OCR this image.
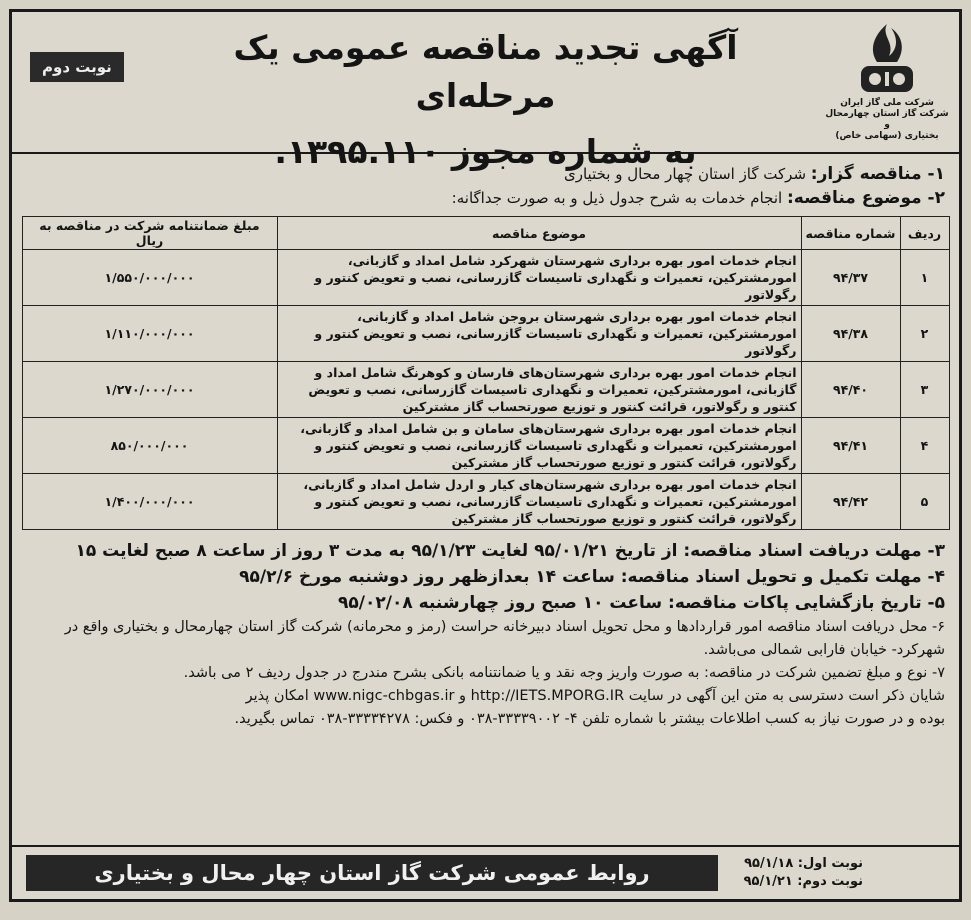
شرکت ملی گاز ایران
شرکت گاز استان چهارمحال و
بختیاری (سهامی خاص)
آگهی تجدید مناقصه عمومی یک مرحله‌ای
به شماره مجوز ۱۳۹۵.۱۱۰.
نوبت دوم
۱- مناقصه گزار: شرکت گاز استان چهار محال و بختیاری
۲- موضوع مناقصه: انجام خدمات به شرح جدول ذیل و به صورت جداگانه:
ردیف	شماره مناقصه	موضوع مناقصه	مبلغ ضمانتنامه شرکت در مناقصه به ریال
۱	۹۴/۳۷	انجام خدمات امور بهره برداری شهرستان شهرکرد شامل امداد و گازبانی، امورمشترکین، تعمیرات و نگهداری تاسیسات گازرسانی، نصب و تعویض کنتور و رگولاتور	۱/۵۵۰/۰۰۰/۰۰۰
۲	۹۴/۳۸	انجام خدمات امور بهره برداری شهرستان بروجن شامل امداد و گازبانی، امورمشترکین، تعمیرات و نگهداری تاسیسات گازرسانی، نصب و تعویض کنتور و رگولاتور	۱/۱۱۰/۰۰۰/۰۰۰
۳	۹۴/۴۰	انجام خدمات امور بهره برداری شهرستان‌های فارسان و کوهرنگ شامل امداد و گازبانی، امورمشترکین، تعمیرات و نگهداری تاسیسات گازرسانی، نصب و تعویض کنتور و رگولاتور، قرائت کنتور و توزیع صورتحساب گاز مشترکین	۱/۲۷۰/۰۰۰/۰۰۰
۴	۹۴/۴۱	انجام خدمات امور بهره برداری شهرستان‌های سامان و بن شامل امداد و گازبانی، امورمشترکین، تعمیرات و نگهداری تاسیسات گازرسانی، نصب و تعویض کنتور و رگولاتور، قرائت کنتور و توزیع صورتحساب گاز مشترکین	۸۵۰/۰۰۰/۰۰۰
۵	۹۴/۴۲	انجام خدمات امور بهره برداری شهرستان‌های کیار و اردل شامل امداد و گازبانی، امورمشترکین، تعمیرات و نگهداری تاسیسات گازرسانی، نصب و تعویض کنتور و رگولاتور، قرائت کنتور و توزیع صورتحساب گاز مشترکین	۱/۴۰۰/۰۰۰/۰۰۰
۳- مهلت دریافت اسناد مناقصه: از تاریخ ۹۵/۰۱/۲۱ لغایت ۹۵/۱/۲۳ به مدت ۳ روز از ساعت ۸ صبح لغایت ۱۵
۴- مهلت تکمیل و تحویل اسناد مناقصه: ساعت ۱۴ بعدازظهر روز دوشنبه مورخ ۹۵/۲/۶
۵- تاریخ بازگشایی پاکات مناقصه: ساعت ۱۰ صبح روز چهارشنبه ۹۵/۰۲/۰۸
۶- محل دریافت اسناد مناقصه امور قراردادها و محل تحویل اسناد دبیرخانه حراست (رمز و محرمانه) شرکت گاز استان چهارمحال و بختیاری واقع در شهرکرد- خیابان فارابی شمالی می‌باشد.
۷- نوع و مبلغ تضمین شرکت در مناقصه: به صورت واریز وجه نقد و یا ضمانتنامه بانکی بشرح مندرج در جدول ردیف ۲ می باشد.
شایان ذکر است دسترسی به متن این آگهی در سایت http://IETS.MPORG.IR و www.nigc-chbgas.ir امکان پذیر
بوده و در صورت نیاز به کسب اطلاعات بیشتر با شماره تلفن ۴- ۳۳۳۳۹۰۰۲-۰۳۸ و فکس: ۳۳۳۳۴۲۷۸-۰۳۸ تماس بگیرید.
روابط عمومی شرکت گاز استان چهار محال و بختیاری	نوبت اول: ۹۵/۱/۱۸
نوبت دوم: ۹۵/۱/۲۱
